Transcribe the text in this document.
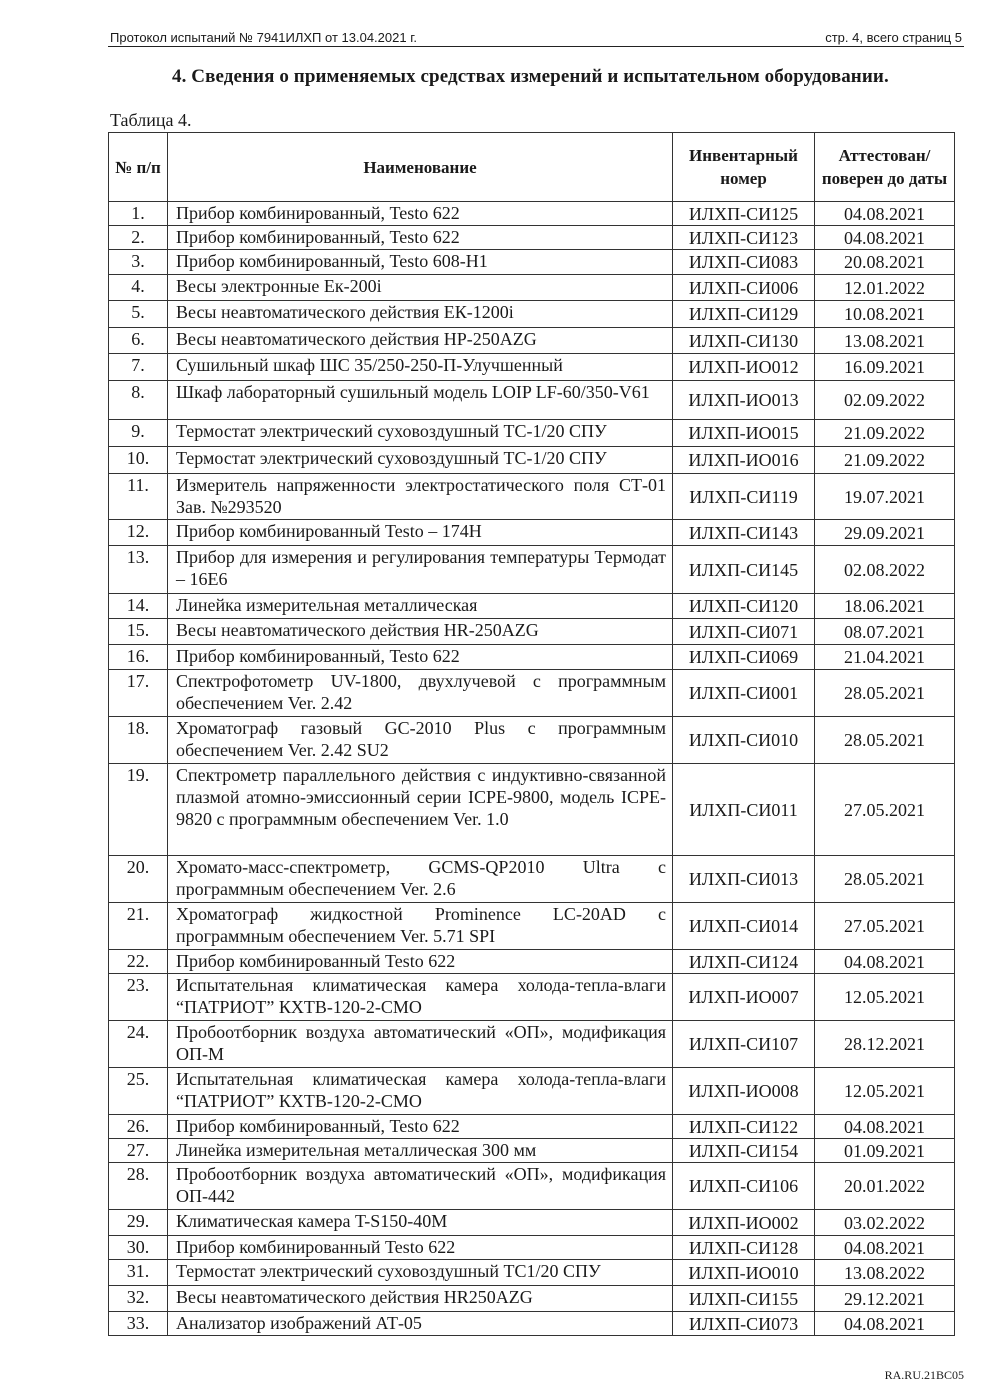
Протокол испытаний № 7941ИЛХП от 13.04.2021 г.	стр. 4, всего страниц 5
4. Сведения о применяемых средствах измерений и испытательном оборудовании.
Таблица 4.
№ п/п	Наименование	Инвентарный номер	Аттестован/ поверен до даты
1.	Прибор комбинированный, Testo 622	ИЛХП-СИ125	04.08.2021
2.	Прибор комбинированный, Testo 622	ИЛХП-СИ123	04.08.2021
3.	Прибор комбинированный, Testo 608-H1	ИЛХП-СИ083	20.08.2021
4.	Весы электронные Ек-200i	ИЛХП-СИ006	12.01.2022
5.	Весы неавтоматического действия ЕК-1200i	ИЛХП-СИ129	10.08.2021
6.	Весы неавтоматического действия HP-250AZG	ИЛХП-СИ130	13.08.2021
7.	Сушильный шкаф ШС 35/250-250-П-Улучшенный	ИЛХП-ИО012	16.09.2021
8.	Шкаф лабораторный сушильный модель LOIP LF-60/350-V61	ИЛХП-ИО013	02.09.2022
9.	Термостат электрический суховоздушный ТС-1/20 СПУ	ИЛХП-ИО015	21.09.2022
10.	Термостат электрический суховоздушный ТС-1/20 СПУ	ИЛХП-ИО016	21.09.2022
11.	Измеритель напряженности электростатического поля СТ-01 Зав. №293520	ИЛХП-СИ119	19.07.2021
12.	Прибор комбинированный Testo – 174H	ИЛХП-СИ143	29.09.2021
13.	Прибор для измерения и регулирования температуры Термодат – 16Е6	ИЛХП-СИ145	02.08.2022
14.	Линейка измерительная металлическая	ИЛХП-СИ120	18.06.2021
15.	Весы неавтоматического действия HR-250AZG	ИЛХП-СИ071	08.07.2021
16.	Прибор комбинированный, Testo 622	ИЛХП-СИ069	21.04.2021
17.	Спектрофотометр UV-1800, двухлучевой с программным обеспечением Ver. 2.42	ИЛХП-СИ001	28.05.2021
18.	Хроматограф газовый GC-2010 Plus с программным обеспечением Ver. 2.42 SU2	ИЛХП-СИ010	28.05.2021
19.	Спектрометр параллельного действия с индуктивно-связанной плазмой атомно-эмиссионный серии ICPE-9800, модель ICPE-9820 с программным обеспечением Ver. 1.0	ИЛХП-СИ011	27.05.2021
20.	Хромато-масс-спектрометр, GCMS-QP2010 Ultra с программным обеспечением Ver. 2.6	ИЛХП-СИ013	28.05.2021
21.	Хроматограф жидкостной Prominence LC-20AD с программным обеспечением Ver. 5.71 SPI	ИЛХП-СИ014	27.05.2021
22.	Прибор комбинированный Testo 622	ИЛХП-СИ124	04.08.2021
23.	Испытательная климатическая камера холода-тепла-влаги “ПАТРИОТ” КХТВ-120-2-СМО	ИЛХП-ИО007	12.05.2021
24.	Пробоотборник воздуха автоматический «ОП», модификация ОП-М	ИЛХП-СИ107	28.12.2021
25.	Испытательная климатическая камера холода-тепла-влаги “ПАТРИОТ” КХТВ-120-2-СМО	ИЛХП-ИО008	12.05.2021
26.	Прибор комбинированный, Testo 622	ИЛХП-СИ122	04.08.2021
27.	Линейка измерительная металлическая 300 мм	ИЛХП-СИ154	01.09.2021
28.	Пробоотборник воздуха автоматический «ОП», модификация ОП-442	ИЛХП-СИ106	20.01.2022
29.	Климатическая камера T-S150-40M	ИЛХП-ИО002	03.02.2022
30.	Прибор комбинированный Testo 622	ИЛХП-СИ128	04.08.2021
31.	Термостат электрический суховоздушный ТС1/20 СПУ	ИЛХП-ИО010	13.08.2022
32.	Весы неавтоматического действия HR250AZG	ИЛХП-СИ155	29.12.2021
33.	Анализатор изображений АТ-05	ИЛХП-СИ073	04.08.2021
RA.RU.21BC05
